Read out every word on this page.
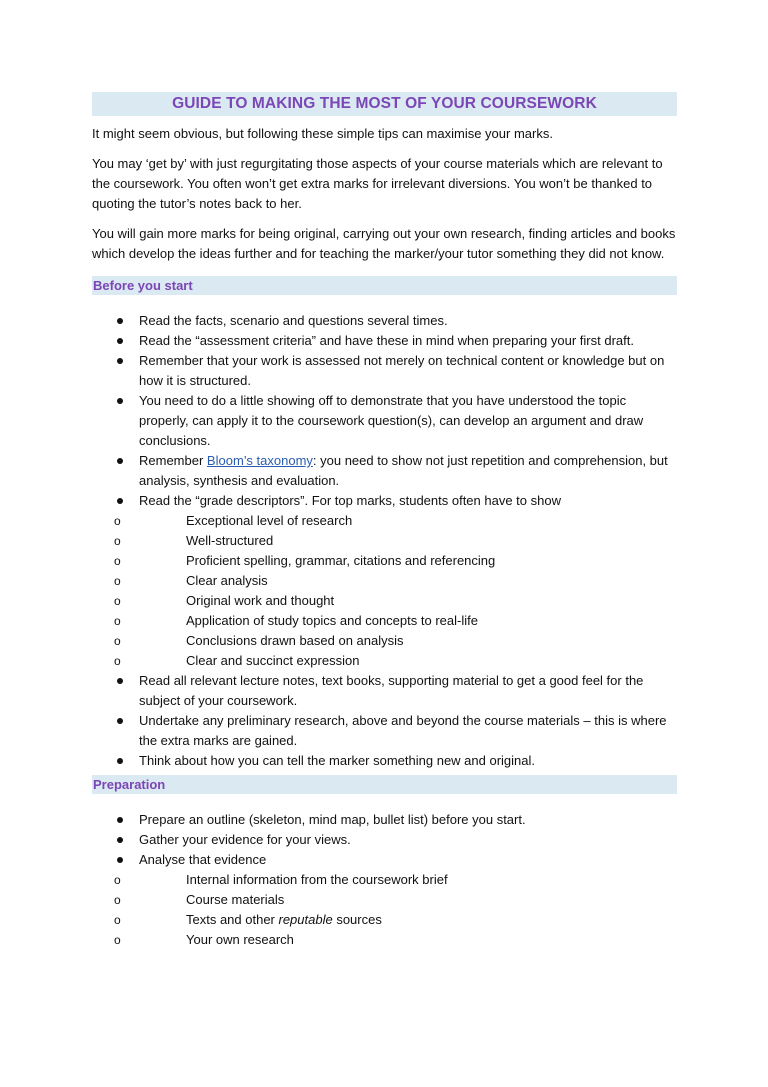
GUIDE TO MAKING THE MOST OF YOUR COURSEWORK

It might seem obvious, but following these simple tips can maximise your marks.

You may ‘get by’ with just regurgitating those aspects of your course materials which are relevant to the coursework. You often won’t get extra marks for irrelevant diversions. You won’t be thanked to quoting the tutor’s notes back to her.

You will gain more marks for being original, carrying out your own research, finding articles and books which develop the ideas further and for teaching the marker/your tutor something they did not know.

Before you start
Read the facts, scenario and questions several times.
Read the “assessment criteria” and have these in mind when preparing your first draft.
Remember that your work is assessed not merely on technical content or knowledge but on how it is structured.
You need to do a little showing off to demonstrate that you have understood the topic properly, can apply it to the coursework question(s), can develop an argument and draw conclusions.
Remember Bloom’s taxonomy: you need to show not just repetition and comprehension, but analysis, synthesis and evaluation.
Read the “grade descriptors”. For top marks, students often have to show
o	Exceptional level of research
o	Well-structured
o	Proficient spelling, grammar, citations and referencing
o	Clear analysis
o	Original work and thought
o	Application of study topics and concepts to real-life
o	Conclusions drawn based on analysis
o	Clear and succinct expression
Read all relevant lecture notes, text books, supporting material to get a good feel for the subject of your coursework.
Undertake any preliminary research, above and beyond the course materials – this is where the extra marks are gained.
Think about how you can tell the marker something new and original.
Preparation
Prepare an outline (skeleton, mind map, bullet list) before you start.
Gather your evidence for your views.
Analyse that evidence
o	Internal information from the coursework brief
o	Course materials
o	Texts and other reputable sources
o	Your own research
